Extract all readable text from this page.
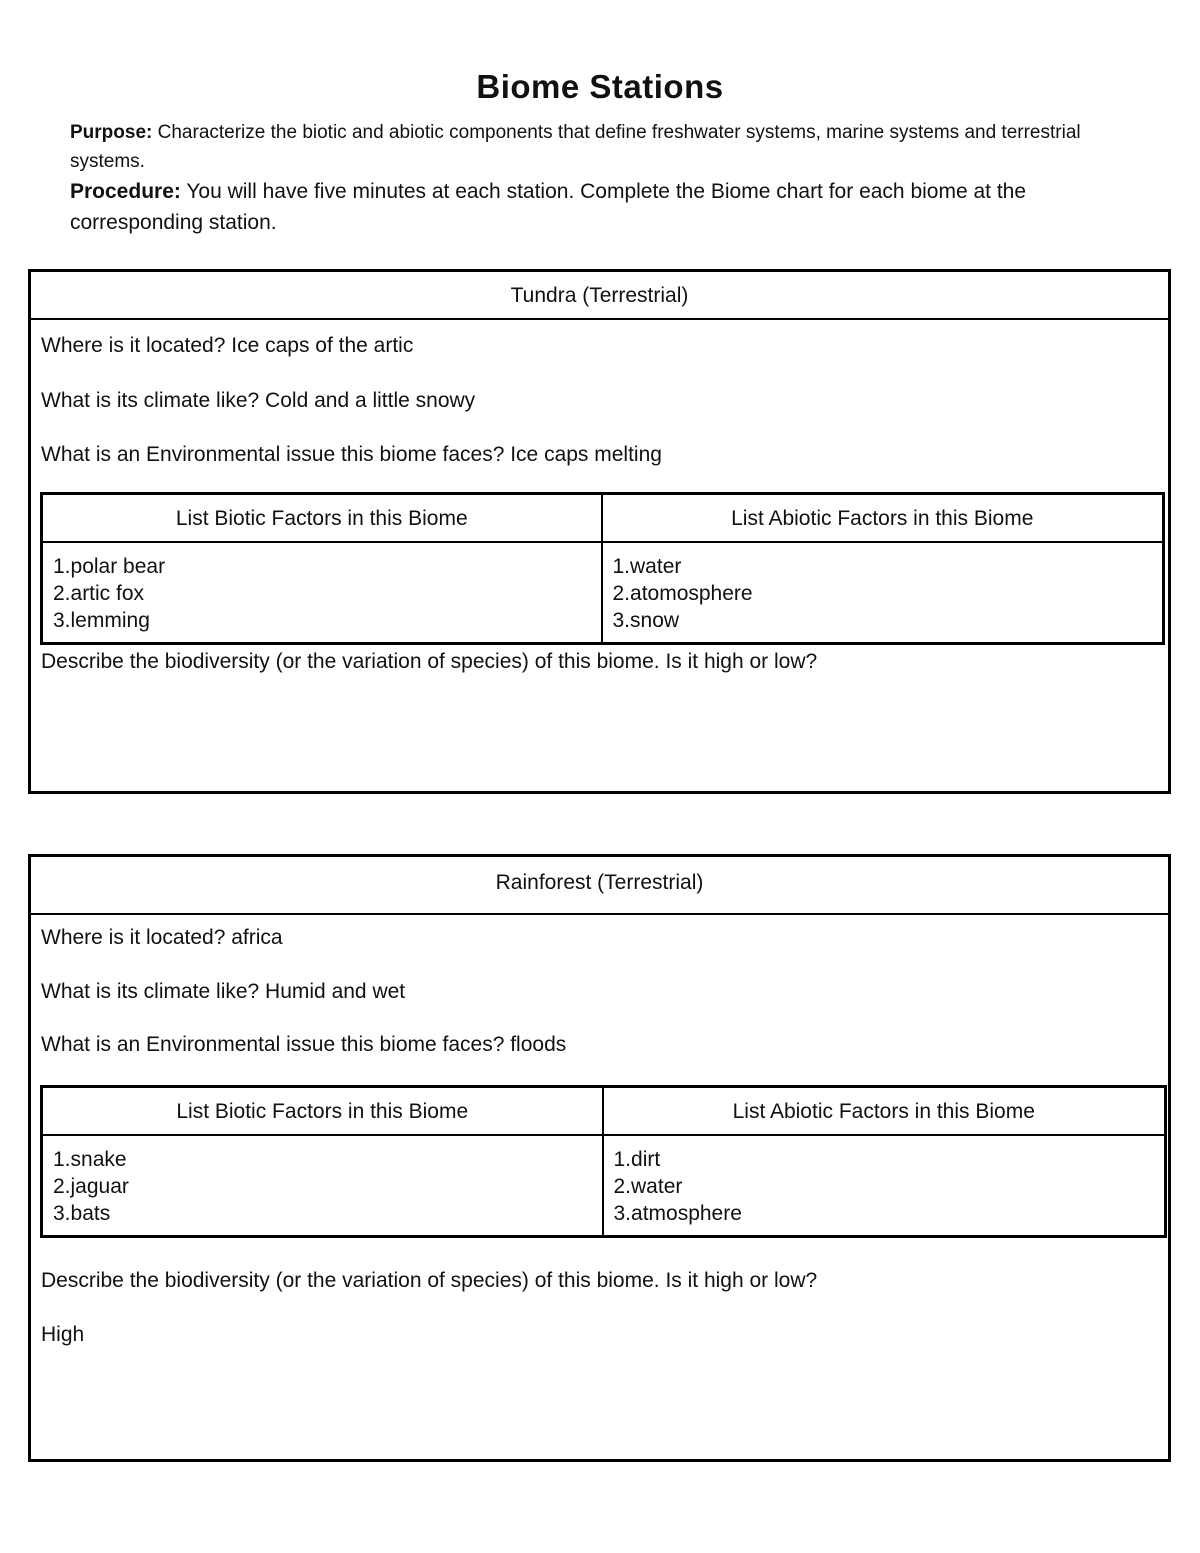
Biome Stations
Purpose: Characterize the biotic and abiotic components that define freshwater systems, marine systems and terrestrial systems.
Procedure: You will have five minutes at each station. Complete the Biome chart for each biome at the corresponding station.
Tundra (Terrestrial)
Where is it located? Ice caps of the artic
What is its climate like? Cold and a little snowy
What is an Environmental issue this biome faces? Ice caps melting
List Biotic Factors in this Biome	List Abiotic Factors in this Biome
1.polar bear
2.artic fox
3.lemming
1.water
2.atomosphere
3.snow
Describe the biodiversity (or the variation of species) of this biome. Is it high or low?
Rainforest (Terrestrial)
Where is it located? africa
What is its climate like? Humid and wet
What is an Environmental issue this biome faces? floods
List Biotic Factors in this Biome	List Abiotic Factors in this Biome
1.snake
2.jaguar
3.bats
1.dirt
2.water
3.atmosphere
Describe the biodiversity (or the variation of species) of this biome. Is it high or low?
High
